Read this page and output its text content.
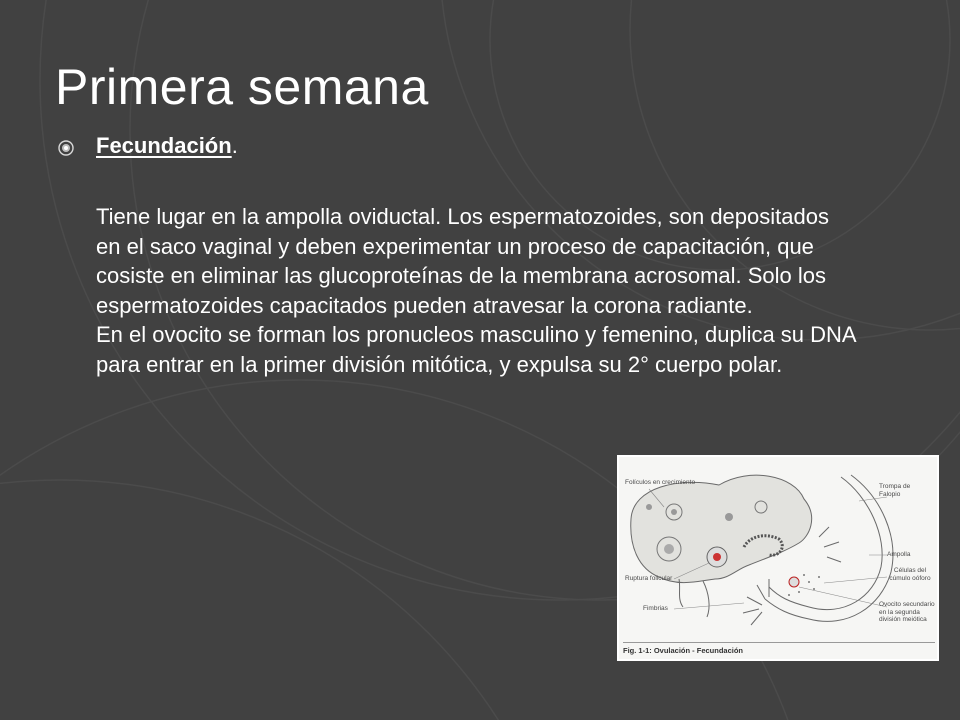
Primera semana
Fecundación.

Tiene lugar en la ampolla oviductal. Los espermatozoides, son depositados en el saco vaginal y deben experimentar un proceso de capacitación, que cosiste en eliminar las glucoproteínas de la membrana acrosomal. Solo los espermatozoides capacitados pueden atravesar la corona radiante.

En el ovocito se forman los pronucleos masculino y femenino, duplica su DNA para entrar en la primer división mitótica, y expulsa su 2° cuerpo polar.

Folículos en crecimiento
Trompa de Falopio
Ampolla
Células del cúmulo oóforo
Ruptura folicular
Fimbrias
Ovocito secundario en la segunda división meiótica
Fig. 1-1: Ovulación - Fecundación
